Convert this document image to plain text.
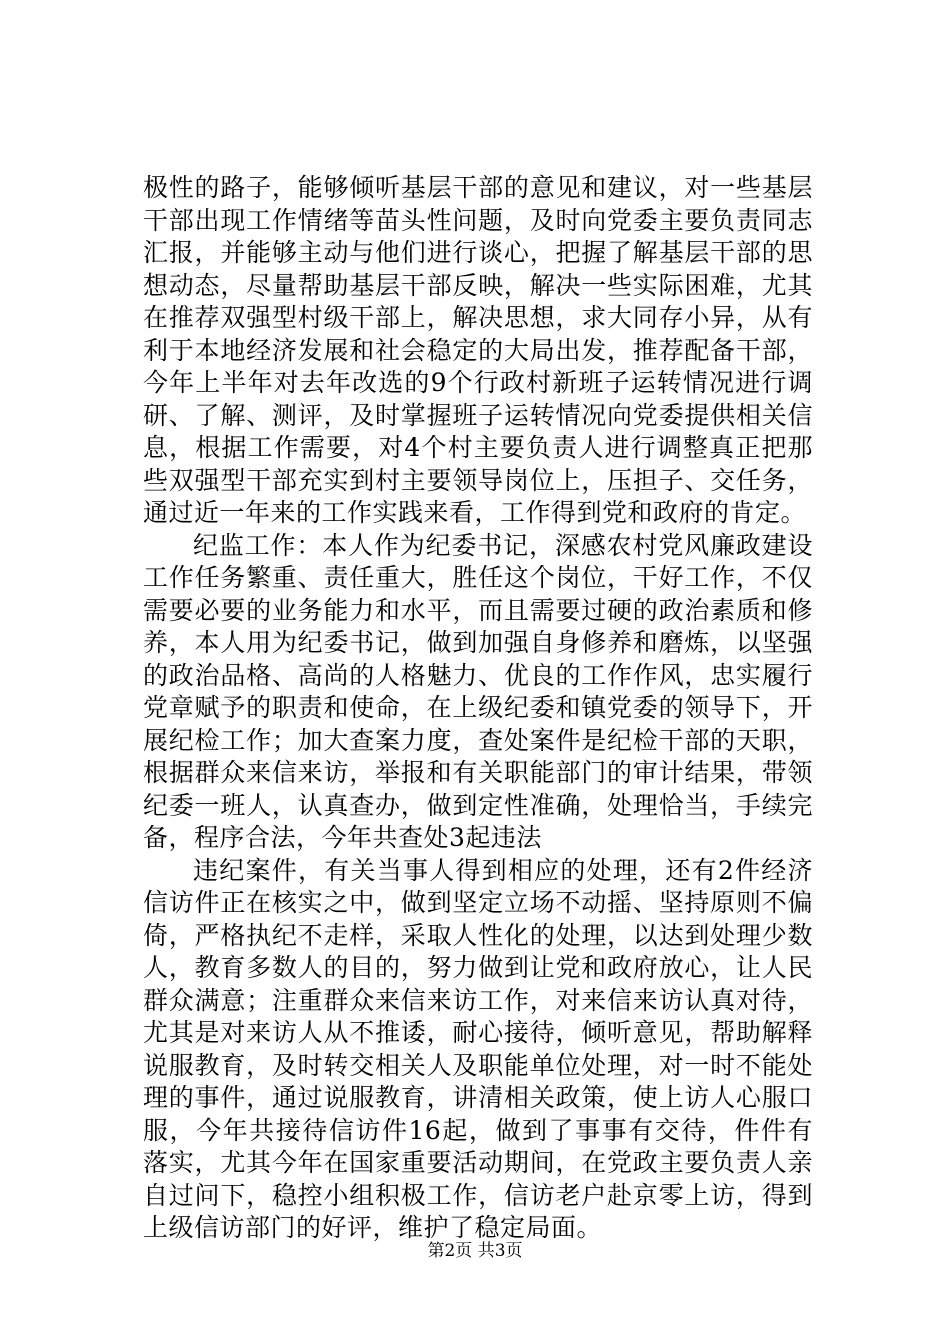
极性的路子，能够倾听基层干部的意见和建议，对一些基层干部出现工作情绪等苗头性问题，及时向党委主要负责同志汇报，并能够主动与他们进行谈心，把握了解基层干部的思想动态，尽量帮助基层干部反映，解决一些实际困难，尤其在推荐双强型村级干部上，解决思想，求大同存小异，从有利于本地经济发展和社会稳定的大局出发，推荐配备干部，今年上半年对去年改选的9个行政村新班子运转情况进行调研、了解、测评，及时掌握班子运转情况向党委提供相关信息，根据工作需要，对4个村主要负责人进行调整真正把那些双强型干部充实到村主要领导岗位上，压担子、交任务，通过近一年来的工作实践来看，工作得到党和政府的肯定。

纪监工作：本人作为纪委书记，深感农村党风廉政建设工作任务繁重、责任重大，胜任这个岗位，干好工作，不仅需要必要的业务能力和水平，而且需要过硬的政治素质和修养，本人用为纪委书记，做到加强自身修养和磨炼，以坚强的政治品格、高尚的人格魅力、优良的工作作风，忠实履行党章赋予的职责和使命，在上级纪委和镇党委的领导下，开展纪检工作；加大查案力度，查处案件是纪检干部的天职，根据群众来信来访，举报和有关职能部门的审计结果，带领纪委一班人，认真查办，做到定性准确，处理恰当，手续完备，程序合法，今年共查处3起违法

违纪案件，有关当事人得到相应的处理，还有2件经济信访件正在核实之中，做到坚定立场不动摇、坚持原则不偏倚，严格执纪不走样，采取人性化的处理，以达到处理少数人，教育多数人的目的，努力做到让党和政府放心，让人民群众满意；注重群众来信来访工作，对来信来访认真对待，尤其是对来访人从不推诿，耐心接待，倾听意见，帮助解释说服教育，及时转交相关人及职能单位处理，对一时不能处理的事件，通过说服教育，讲清相关政策，使上访人心服口服，今年共接待信访件16起，做到了事事有交待，件件有落实，尤其今年在国家重要活动期间，在党政主要负责人亲自过问下，稳控小组积极工作，信访老户赴京零上访，得到上级信访部门的好评，维护了稳定局面。

第2页 共3页
